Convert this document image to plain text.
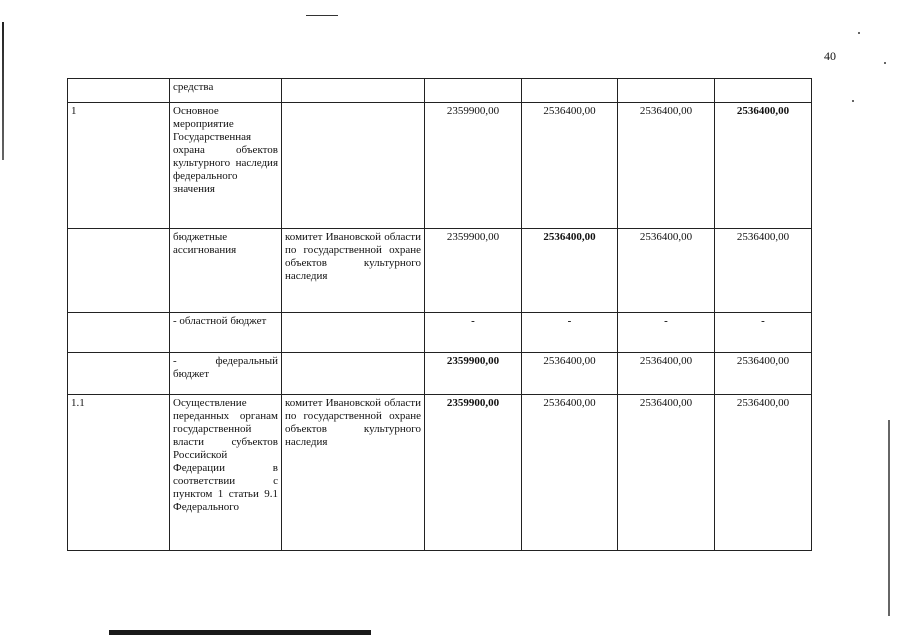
40
	средства					
1	Основное мероприятие Государственная охрана объектов культурного наследия федерального значения		2359900,00	2536400,00	2536400,00	2536400,00
	бюджетные ассигнования	комитет Ивановской области по государственной охране объектов культурного наследия	2359900,00	2536400,00	2536400,00	2536400,00
	- областной бюджет		-	-	-	-
	- федеральный бюджет		2359900,00	2536400,00	2536400,00	2536400,00
1.1	Осуществление переданных органам государственной власти субъектов Российской Федерации в соответствии с пунктом 1 статьи 9.1 Федерального	комитет Ивановской области по государственной охране объектов культурного наследия	2359900,00	2536400,00	2536400,00	2536400,00
